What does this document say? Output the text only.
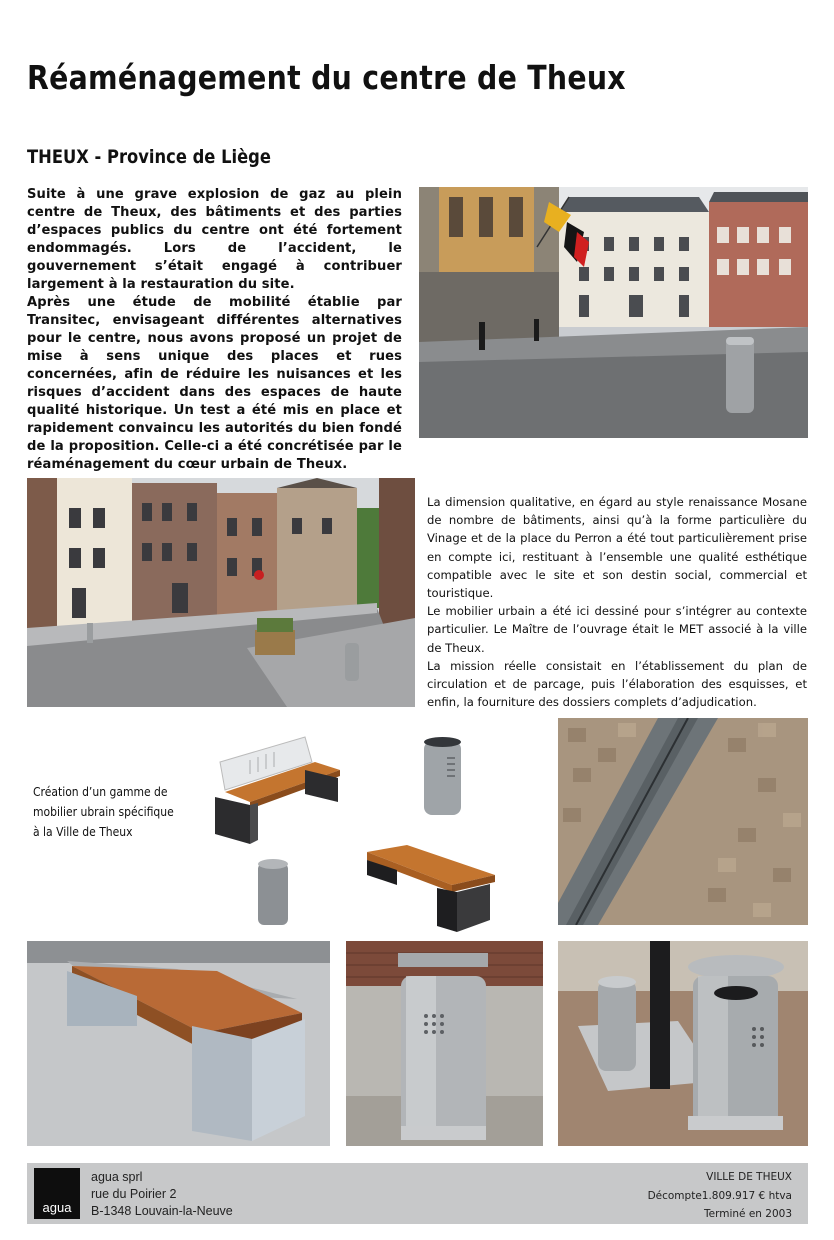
Réaménagement du centre de Theux
THEUX - Province de Liège

Suite à une grave explosion de gaz au plein centre de Theux, des bâtiments et des parties d’espaces publics du centre ont été fortement endommagés. Lors de l’accident, le gouvernement s’était engagé à contribuer largement à la restauration du site.

Après une étude de mobilité établie par Transitec, envisageant différentes alternatives pour le centre, nous avons proposé un projet de mise à sens unique des places et rues concernées, afin de réduire les nuisances et les risques d’accident dans des espaces de haute qualité historique. Un test a été mis en place et rapidement convaincu les autorités du bien fondé de la proposition. Celle-ci a été concrétisée par le réaménagement du cœur urbain de Theux.

La dimension qualitative, en égard au style renaissance Mosane de nombre de bâtiments, ainsi qu’à la forme particulière du Vinage et de la place du Perron a été tout particulièrement prise en compte ici, restituant à l’ensemble une qualité esthétique compatible avec le site et son destin social, commercial et touristique.

Le mobilier urbain a été ici dessiné pour s’intégrer au contexte particulier. Le Maître de l’ouvrage était le MET associé à la ville de Theux.

La mission réelle consistait en l’établissement du plan de circulation et de parcage, puis l’élaboration des esquisses, et enfin, la fourniture des dossiers complets d’adjudication.

Création d’un gamme de mobilier ubrain spécifique à la Ville de Theux
agua
agua sprl
rue du Poirier 2
B-1348 Louvain-la-Neuve
VILLE DE THEUX
Décompte1.809.917 € htva
Terminé en 2003
